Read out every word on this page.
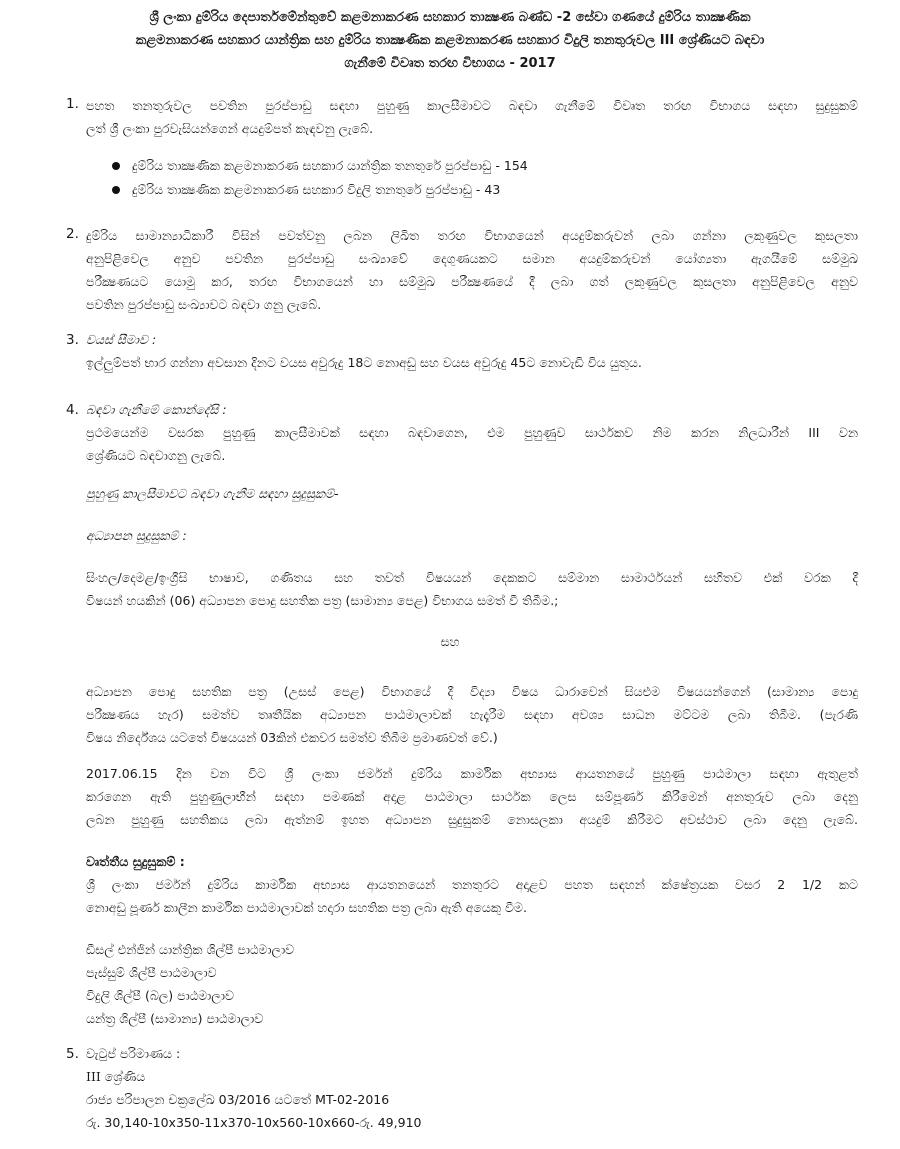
ශ්‍රී ලංකා දුම්රිය දෙපාර්තමේන්තුවේ කළමනාකරණ සහකාර තාක්‍ෂණ බණ්ඩ -2 සේවා ගණයේ දුම්රිය තාක්‍ෂණික
කළමනාකරණ සහකාර යාන්ත්‍රික සහ දුම්රිය තාක්‍ෂණික කළමනාකරණ සහකාර විදුලි තනතුරුවල III ශ්‍රේණියට බඳවා
ගැනීමේ විවෘත තරඟ විභාගය - 2017
1. පහත තනතුරුවල පවතින පුරප්පාඩු සඳහා පුහුණු කාලසීමාවට බඳවා ගැනීමේ විවෘත තරඟ විභාගය සඳහා සුදුසුකම්
ලත් ශ්‍රී ලංකා පුරවැසියන්ගෙන් අයදුම්පත් කැඳවනු ලැබේ.
දුම්රිය තාක්‍ෂණික කළමනාකරණ සහකාර යාන්ත්‍රික තනතුරේ පුරප්පාඩු - 154
දුම්රිය තාක්‍ෂණික කළමනාකරණ සහකාර විදුලි තනතුරේ පුරප්පාඩු - 43
2. දුම්රිය සාමාන්‍යාධිකාරී විසින් පවත්වනු ලබන ලිඛිත තරඟ විභාගයෙන් අයදුම්කරුවන් ලබා ගන්නා ලකුණුවල කුසලතා
අනුපිළිවෙල අනුව පවතින පුරප්පාඩු සංඛ්‍යාවේ දෙගුණයකට සමාන අයදුම්කරුවන් යෝග්‍යතා ඇගයීමේ සම්මුඛ
පරීක්‍ෂණයට යොමු කර, තරඟ විභාගයෙන් හා සම්මුඛ පරීක්‍ෂණයේ දී ලබා ගත් ලකුණුවල කුසලතා අනුපිළිවෙල අනුව
පවතින පුරප්පාඩු සංඛ්‍යාවට බඳවා ගනු ලැබේ.
3. වයස් සීමාව :
ඉල්ලුම්පත් භාර ගන්නා අවසාන දිනට වයස අවුරුදු 18ට නොඅඩු සහ වයස අවුරුදු 45ට නොවැඩි විය යුතුය.
4. බඳවා ගැනීමේ කොන්දේසි :
ප්‍රථමයෙන්ම වසරක පුහුණු කාලසීමාවක් සඳහා බඳවාගෙන, එම පුහුණුව සාර්ථකව නිම කරන නිලධාරීන් III වන
ශ්‍රේණියට බඳවාගනු ලැබේ.
පුහුණු කාලසීමාවට බඳවා ගැනීම සඳහා සුදුසුකම්-
අධ්‍යාපන සුදුසුකම් :
සිංහල/දෙමළ/ඉංග්‍රීසි භාෂාව, ගණිතය සහ තවත් විෂයයන් දෙකකට සම්මාන සාමාර්ථයන් සහිතව එක් වරක දී
විෂයන් හයකින් (06) අධ්‍යාපන පොදු සහතික පත්‍ර (සාමාන්‍ය පෙළ) විභාගය සමත් වී තිබීම.;
සහ
අධ්‍යාපන පොදු සහතික පත්‍ර (උසස් පෙළ) විභාගයේ දී විද්‍යා විෂය ධාරාවෙන් සියළුම විෂයයන්ගෙන් (සාමාන්‍ය පොදු
පරීක්‍ෂණය හැර) සමත්ව තෘතීයික අධ්‍යාපන පාඨමාලාවක් හැදෑරීම සඳහා අවශ්‍ය සාධන මට්ටම ලබා තිබීම. (පැරණි
විෂය නිර්දේශය යටතේ විෂයයන් 03කින් එකවර සමත්ව තිබීම ප්‍රමාණවත් වේ.)
2017.06.15 දින වන විට ශ්‍රී ලංකා ජර්මන් දුම්රිය කාර්මික අභ්‍යාස ආයතනයේ පුහුණු පාඨමාලා සඳහා ඇතුළත්
කරගෙන ඇති පුහුණුලාභීන් සඳහා පමණක් අදාළ පාඨමාලා සාර්ථක ලෙස සම්පූර්ණ කිරීමෙන් අනතුරුව ලබා දෙනු
ලබන පුහුණු සහතිකය ලබා ඇත්නම් ඉහත අධ්‍යාපන සුදුසුකම් නොසලකා අයදුම් කිරීමට අවස්ථාව ලබා දෙනු ලැබේ.
වෘත්තීය සුදුසුකම් :
ශ්‍රී ලංකා ජර්මන් දුම්රිය කාර්මික අභ්‍යාස ආයතනයෙන් තනතුරට අදාළව පහත සඳහන් ක්ෂේත්‍රයක වසර 2 1/2 කට
නොඅඩු පූර්ණ කාලීන කාර්මික පාඨමාලාවක් හදාරා සහතික පත්‍ර ලබා ඇති අයෙකු වීම.
ඩීසල් එන්ජින් යාන්ත්‍රික ශිල්පී පාඨමාලාව
පැස්සුම් ශිල්පී පාඨමාලාව
විදුලි ශිල්පී (බල) පාඨමාලාව
යන්ත්‍ර ශිල්පී (සාමාන්‍ය) පාඨමාලාව
5. වැටුප් පරිමාණය :
III ශ්‍රේණිය
රාජ්‍ය පරිපාලන චක්‍රලේඛ 03/2016 යටතේ MT-02-2016
රු. 30,140-10x350-11x370-10x560-10x660-රු. 49,910
